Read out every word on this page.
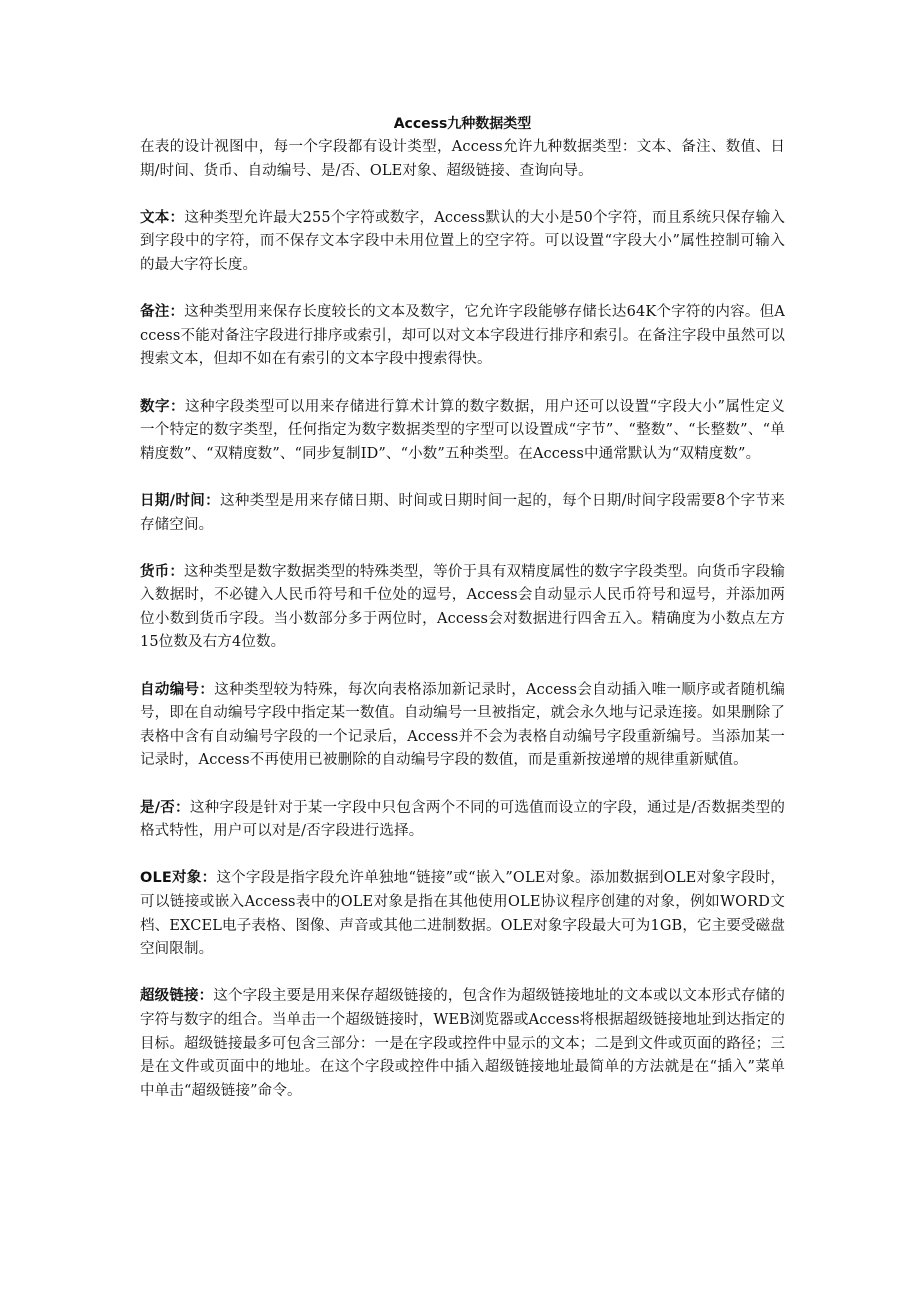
Access九种数据类型

在表的设计视图中，每一个字段都有设计类型，Access允许九种数据类型：文本、备注、数值、日期/时间、货币、自动编号、是/否、OLE对象、超级链接、查询向导。

文本：这种类型允许最大255个字符或数字，Access默认的大小是50个字符，而且系统只保存输入到字段中的字符，而不保存文本字段中未用位置上的空字符。可以设置“字段大小”属性控制可输入的最大字符长度。

备注：这种类型用来保存长度较长的文本及数字，它允许字段能够存储长达64K个字符的内容。但Access不能对备注字段进行排序或索引，却可以对文本字段进行排序和索引。在备注字段中虽然可以搜索文本，但却不如在有索引的文本字段中搜索得快。

数字：这种字段类型可以用来存储进行算术计算的数字数据，用户还可以设置“字段大小”属性定义一个特定的数字类型，任何指定为数字数据类型的字型可以设置成“字节”、“整数”、“长整数”、“单精度数”、“双精度数”、“同步复制ID”、“小数”五种类型。在Access中通常默认为“双精度数”。

日期/时间：这种类型是用来存储日期、时间或日期时间一起的，每个日期/时间字段需要8个字节来存储空间。

货币：这种类型是数字数据类型的特殊类型，等价于具有双精度属性的数字字段类型。向货币字段输入数据时，不必键入人民币符号和千位处的逗号，Access会自动显示人民币符号和逗号，并添加两位小数到货币字段。当小数部分多于两位时，Access会对数据进行四舍五入。精确度为小数点左方15位数及右方4位数。

自动编号：这种类型较为特殊，每次向表格添加新记录时，Access会自动插入唯一顺序或者随机编号，即在自动编号字段中指定某一数值。自动编号一旦被指定，就会永久地与记录连接。如果删除了表格中含有自动编号字段的一个记录后，Access并不会为表格自动编号字段重新编号。当添加某一记录时，Access不再使用已被删除的自动编号字段的数值，而是重新按递增的规律重新赋值。

是/否：这种字段是针对于某一字段中只包含两个不同的可选值而设立的字段，通过是/否数据类型的格式特性，用户可以对是/否字段进行选择。

OLE对象：这个字段是指字段允许单独地“链接”或“嵌入”OLE对象。添加数据到OLE对象字段时，可以链接或嵌入Access表中的OLE对象是指在其他使用OLE协议程序创建的对象，例如WORD文档、EXCEL电子表格、图像、声音或其他二进制数据。OLE对象字段最大可为1GB，它主要受磁盘空间限制。

超级链接：这个字段主要是用来保存超级链接的，包含作为超级链接地址的文本或以文本形式存储的字符与数字的组合。当单击一个超级链接时，WEB浏览器或Access将根据超级链接地址到达指定的目标。超级链接最多可包含三部分：一是在字段或控件中显示的文本；二是到文件或页面的路径；三是在文件或页面中的地址。在这个字段或控件中插入超级链接地址最简单的方法就是在“插入”菜单中单击“超级链接”命令。
